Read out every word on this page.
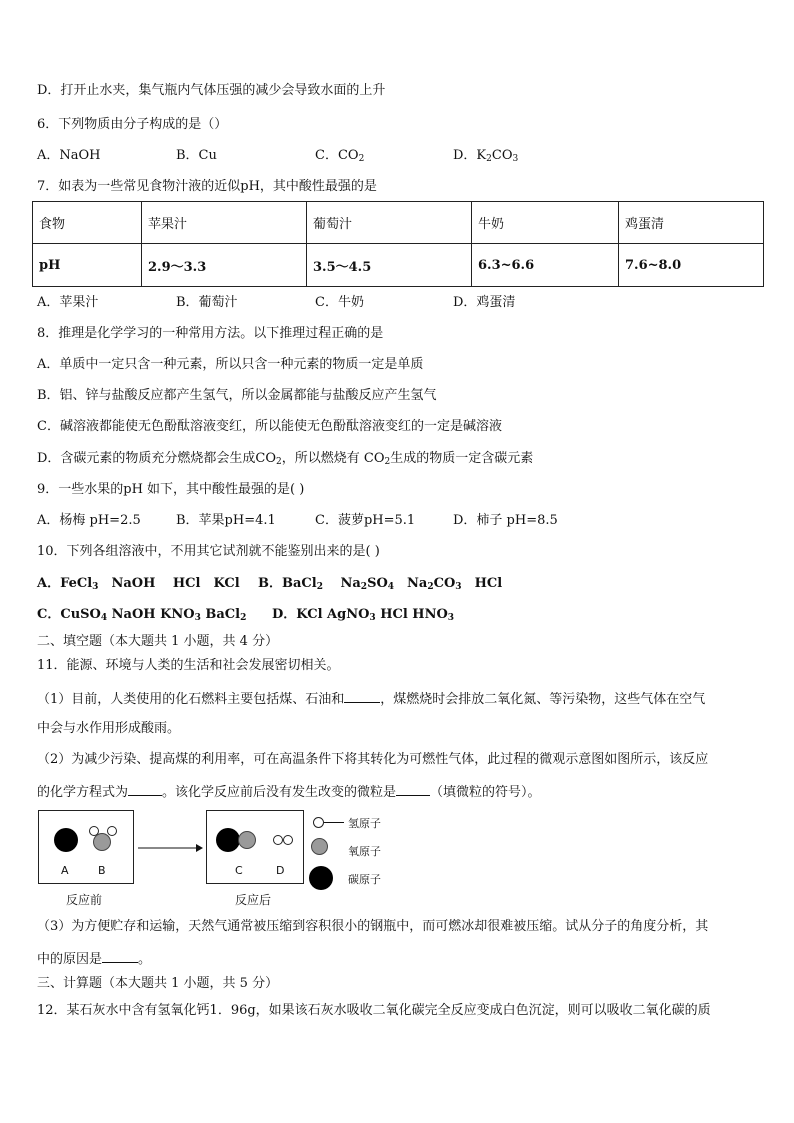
D．打开止水夹，集气瓶内气体压强的减少会导致水面的上升
6．下列物质由分子构成的是（）
A．NaOH	B．Cu	C．$CO_2$	D．$K_2CO_3$
7．如表为一些常见食物汁液的近似pH，其中酸性最强的是
食物	苹果汁	葡萄汁	牛奶	鸡蛋清
pH	2.9～3.3	3.5～4.5	6.3~6.6	7.6~8.0
A．苹果汁	B．葡萄汁	C．牛奶	D．鸡蛋清
8．推理是化学学习的一种常用方法。以下推理过程正确的是
A．单质中一定只含一种元素，所以只含一种元素的物质一定是单质
B．铝、锌与盐酸反应都产生氢气，所以金属都能与盐酸反应产生氢气
C．碱溶液都能使无色酚酞溶液变红，所以能使无色酚酞溶液变红的一定是碱溶液
D．含碳元素的物质充分燃烧都会生成$CO_2$，所以燃烧有 $CO_2$生成的物质一定含碳元素
9．一些水果的pH 如下，其中酸性最强的是( )
A．杨梅 pH=2.5	B．苹果pH=4.1	C．菠萝pH=5.1	D．柿子 pH=8.5
10．下列各组溶液中，不用其它试剂就不能鉴别出来的是( )
A．FeCl$_3$　NaOH　 HCl　KCl B．BaCl$_2$　 $Na_2SO_4$　$Na_2CO_3$　HCl
C．CuSO$_4$ NaOH $KNO_3$ BaCl$_2$ D．KCl AgNO$_3$ HCl $HNO_3$
二、填空题（本大题共 1 小题，共 4 分）
11．能源、环境与人类的生活和社会发展密切相关。
（1）目前，人类使用的化石燃料主要包括煤、石油和	，煤燃烧时会排放二氧化氮、等污染物，这些气体在空气
中会与水作用形成酸雨。
（2）为减少污染、提高煤的利用率，可在高温条件下将其转化为可燃性气体，此过程的微观示意图如图所示，该反应
的化学方程式为	。该化学反应前后没有发生改变的微粒是	（填微粒的符号）。
A	B	C	D
反应前	反应后
氢原子
氧原子
碳原子
（3）为方便贮存和运输，天然气通常被压缩到容积很小的钢瓶中，而可燃冰却很难被压缩。试从分子的角度分析，其
中的原因是	。
三、计算题（本大题共 1 小题，共 5 分）
12．某石灰水中含有氢氧化钙1．96g，如果该石灰水吸收二氧化碳完全反应变成白色沉淀，则可以吸收二氧化碳的质
